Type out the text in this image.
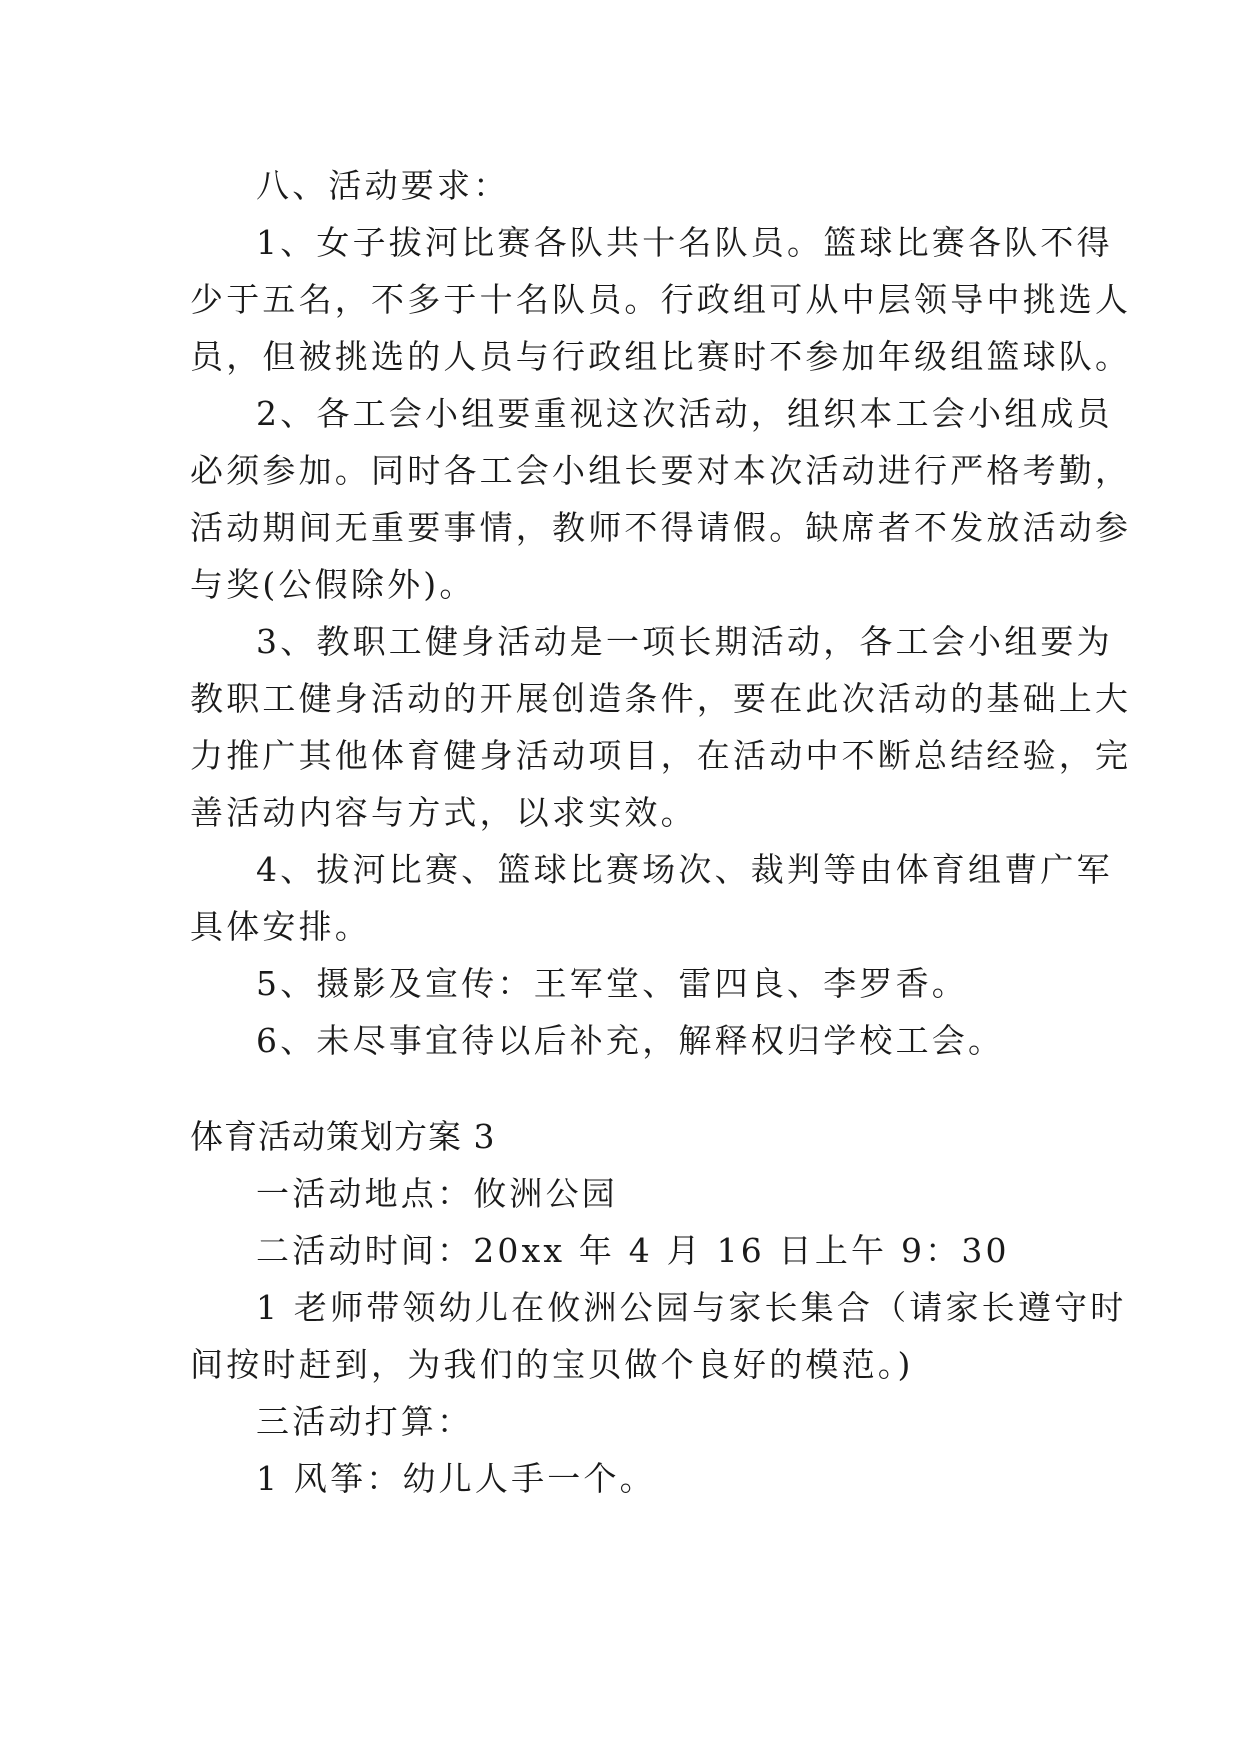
八、活动要求：
1、女子拔河比赛各队共十名队员。篮球比赛各队不得
少于五名，不多于十名队员。行政组可从中层领导中挑选人
员，但被挑选的人员与行政组比赛时不参加年级组篮球队。
2、各工会小组要重视这次活动，组织本工会小组成员
必须参加。同时各工会小组长要对本次活动进行严格考勤，
活动期间无重要事情，教师不得请假。缺席者不发放活动参
与奖(公假除外)。
3、教职工健身活动是一项长期活动，各工会小组要为
教职工健身活动的开展创造条件，要在此次活动的基础上大
力推广其他体育健身活动项目，在活动中不断总结经验，完
善活动内容与方式，以求实效。
4、拔河比赛、篮球比赛场次、裁判等由体育组曹广军
具体安排。
5、摄影及宣传：王军堂、雷四良、李罗香。
6、未尽事宜待以后补充，解释权归学校工会。
体育活动策划方案 3
一活动地点：攸洲公园
二活动时间：20xx 年 4 月 16 日上午 9：30
1 老师带领幼儿在攸洲公园与家长集合（请家长遵守时
间按时赶到，为我们的宝贝做个良好的模范。)
三活动打算：
1 风筝：幼儿人手一个。
